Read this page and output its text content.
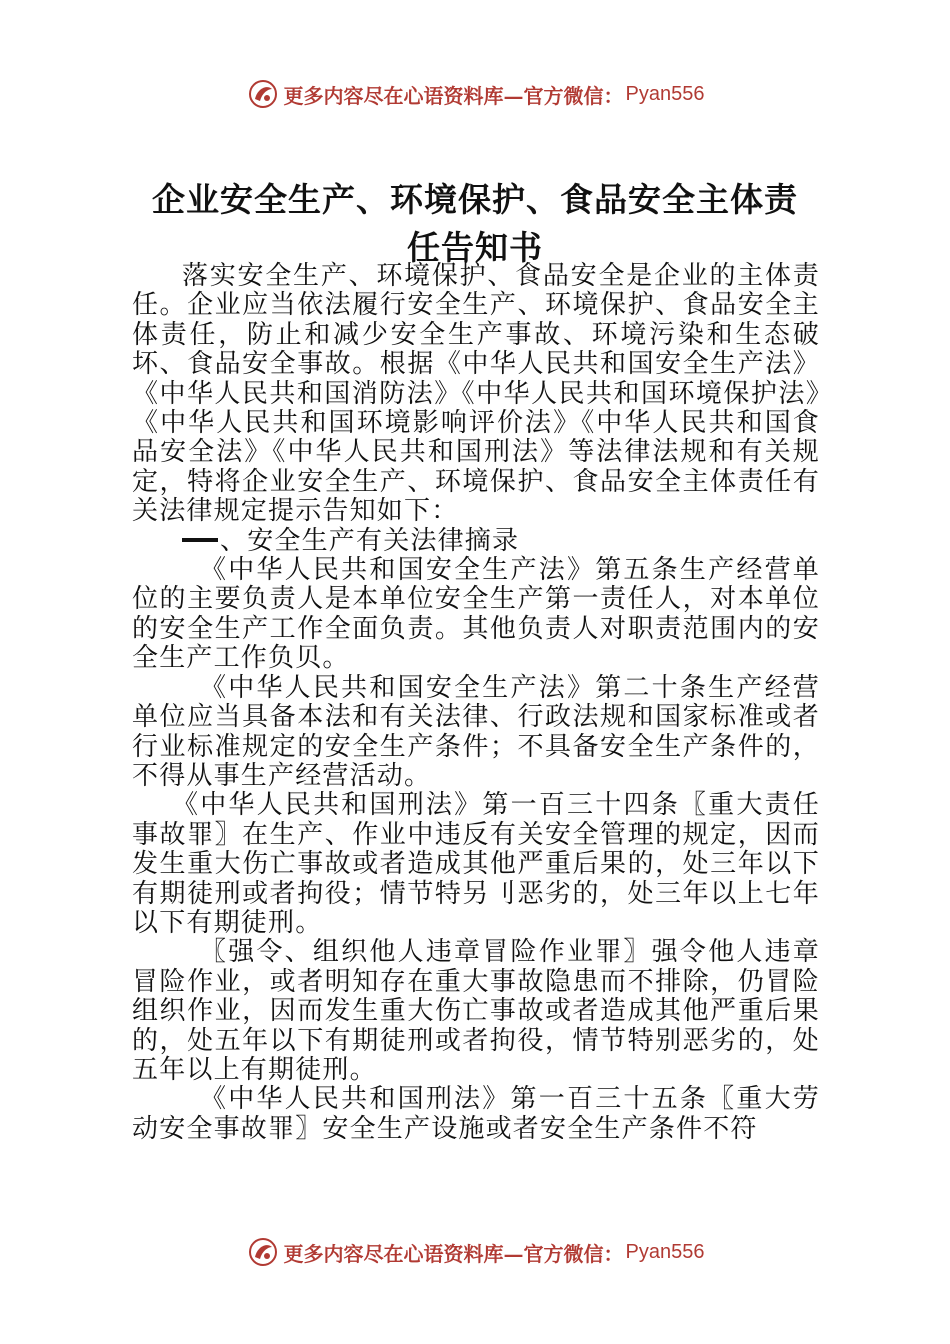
更多内容尽在心语资料库—官方微信： Pyan556
企业安全生产、环境保护、食品安全主体责
任告知书

落实安全生产、环境保护、食品安全是企业的主体责任。企业应当依法履行安全生产、环境保护、食品安全主体责任，防止和减少安全生产事故、环境污染和生态破坏、食品安全事故。根据《中华人民共和国安全生产法》《中华人民共和国消防法》《中华人民共和国环境保护法》《中华人民共和国环境影响评价法》《中华人民共和国食品安全法》《中华人民共和国刑法》等法律法规和有关规定，特将企业安全生产、环境保护、食品安全主体责任有关法律规定提示告知如下：

、安全生产有关法律摘录

《中华人民共和国安全生产法》第五条生产经营单位的主要负责人是本单位安全生产第一责任人，对本单位的安全生产工作全面负责。其他负责人对职责范围内的安全生产工作负贝。

《中华人民共和国安全生产法》第二十条生产经营单位应当具备本法和有关法律、行政法规和国家标准或者行业标准规定的安全生产条件；不具备安全生产条件的，不得从事生产经营活动。

《中华人民共和国刑法》第一百三十四条〖重大责任事故罪〗在生产、作业中违反有关安全管理的规定，因而发生重大伤亡事故或者造成其他严重后果的，处三年以下有期徒刑或者拘役；情节特另刂恶劣的，处三年以上七年以下有期徒刑。

〖强令、组织他人违章冒险作业罪〗强令他人违章冒险作业，或者明知存在重大事故隐患而不排除，仍冒险组织作业，因而发生重大伤亡事故或者造成其他严重后果的，处五年以下有期徒刑或者拘役，情节特别恶劣的，处五年以上有期徒刑。

《中华人民共和国刑法》第一百三十五条〖重大劳动安全事故罪〗安全生产设施或者安全生产条件不符

更多内容尽在心语资料库—官方微信： Pyan556
